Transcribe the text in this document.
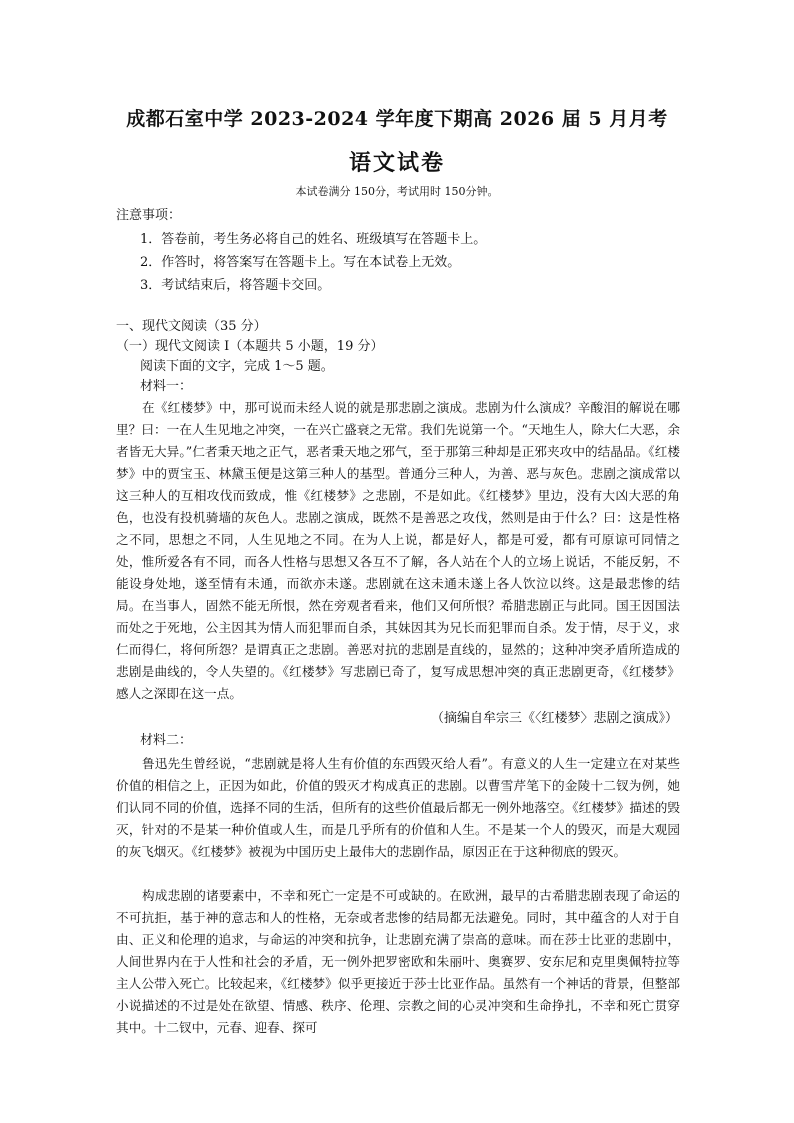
成都石室中学 2023-2024 学年度下期高 2026 届 5 月月考
语文试卷
本试卷满分 150分，考试用时 150分钟。
注意事项：
1．答卷前，考生务必将自己的姓名、班级填写在答题卡上。
2．作答时，将答案写在答题卡上。写在本试卷上无效。
3．考试结束后，将答题卡交回。
一、现代文阅读（35 分）
（一）现代文阅读 I（本题共 5 小题，19 分）
阅读下面的文字，完成 1～5 题。
材料一：
在《红楼梦》中，那可说而未经人说的就是那悲剧之演成。悲剧为什么演成？辛酸泪的解说在哪里？曰：一在人生见地之冲突，一在兴亡盛衰之无常。我们先说第一个。“天地生人，除大仁大恶，余者皆无大异。”仁者秉天地之正气，恶者秉天地之邪气，至于那第三种却是正邪夹攻中的结晶品。《红楼梦》中的贾宝玉、林黛玉便是这第三种人的基型。普通分三种人，为善、恶与灰色。悲剧之演成常以这三种人的互相攻伐而致成，惟《红楼梦》之悲剧，不是如此。《红楼梦》里边，没有大凶大恶的角色，也没有投机骑墙的灰色人。悲剧之演成，既然不是善恶之攻伐，然则是由于什么？曰：这是性格之不同，思想之不同，人生见地之不同。在为人上说，都是好人，都是可爱，都有可原谅可同情之处，惟所爱各有不同，而各人性格与思想又各互不了解，各人站在个人的立场上说话，不能反躬，不能设身处地，遂至情有未通，而欲亦未遂。悲剧就在这未通未遂上各人饮泣以终。这是最悲惨的结局。在当事人，固然不能无所恨，然在旁观者看来，他们又何所恨？希腊悲剧正与此同。国王因国法而处之于死地，公主因其为情人而犯罪而自杀，其妹因其为兄长而犯罪而自杀。发于情，尽于义，求仁而得仁，将何所怨？是谓真正之悲剧。善恶对抗的悲剧是直线的，显然的；这种冲突矛盾所造成的悲剧是曲线的，令人失望的。《红楼梦》写悲剧已奇了，复写成思想冲突的真正悲剧更奇，《红楼梦》感人之深即在这一点。
（摘编自牟宗三《〈红楼梦〉悲剧之演成》）
材料二：
鲁迅先生曾经说，“悲剧就是将人生有价值的东西毁灭给人看”。有意义的人生一定建立在对某些价值的相信之上，正因为如此，价值的毁灭才构成真正的悲剧。以曹雪芹笔下的金陵十二钗为例，她们认同不同的价值，选择不同的生活，但所有的这些价值最后都无一例外地落空。《红楼梦》描述的毁灭，针对的不是某一种价值或人生，而是几乎所有的价值和人生。不是某一个人的毁灭，而是大观园的灰飞烟灭。《红楼梦》被视为中国历史上最伟大的悲剧作品，原因正在于这种彻底的毁灭。
构成悲剧的诸要素中，不幸和死亡一定是不可或缺的。在欧洲，最早的古希腊悲剧表现了命运的不可抗拒，基于神的意志和人的性格，无奈或者悲惨的结局都无法避免。同时，其中蕴含的人对于自由、正义和伦理的追求，与命运的冲突和抗争，让悲剧充满了崇高的意味。而在莎士比亚的悲剧中，人间世界内在于人性和社会的矛盾，无一例外把罗密欧和朱丽叶、奥赛罗、安东尼和克里奥佩特拉等主人公带入死亡。比较起来，《红楼梦》似乎更接近于莎士比亚作品。虽然有一个神话的背景，但整部小说描述的不过是处在欲望、情感、秩序、伦理、宗教之间的心灵冲突和生命挣扎，不幸和死亡贯穿其中。十二钗中，元春、迎春、探可
